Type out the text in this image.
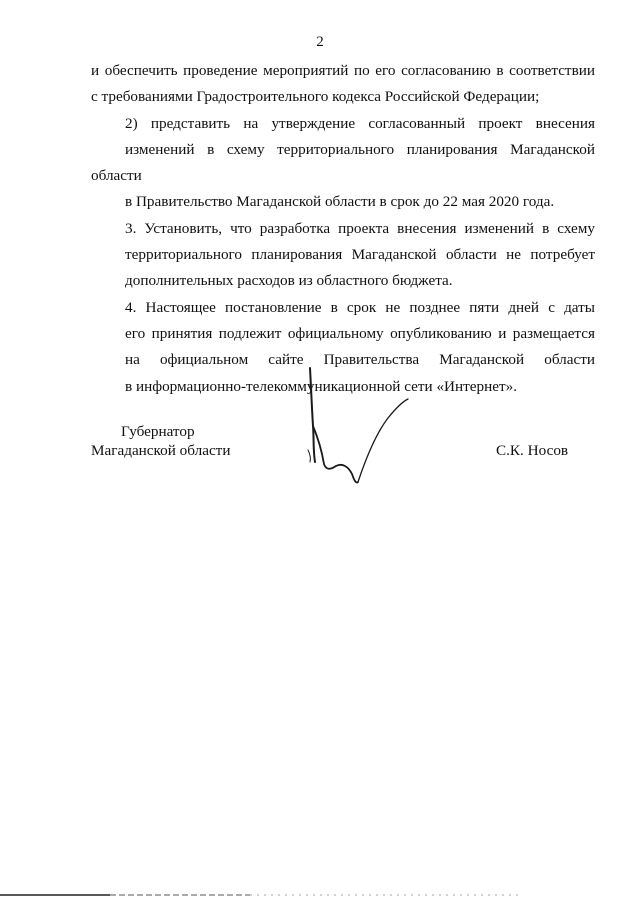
2

и обеспечить проведение мероприятий по его согласованию в соответствии
с требованиями Градостроительного кодекса Российской Федерации;

2) представить на утверждение согласованный проект внесения
изменений в схему территориального планирования Магаданской области
в Правительство Магаданской области в срок до 22 мая 2020 года.

3. Установить, что разработка проекта внесения изменений в схему
территориального планирования Магаданской области не потребует
дополнительных расходов из областного бюджета.

4. Настоящее постановление в срок не позднее пяти дней с даты
его принятия подлежит официальному опубликованию и размещается
на официальном сайте Правительства Магаданской области
в информационно-телекоммуникационной сети «Интернет».

Губернатор
Магаданской области	С.К. Носов
